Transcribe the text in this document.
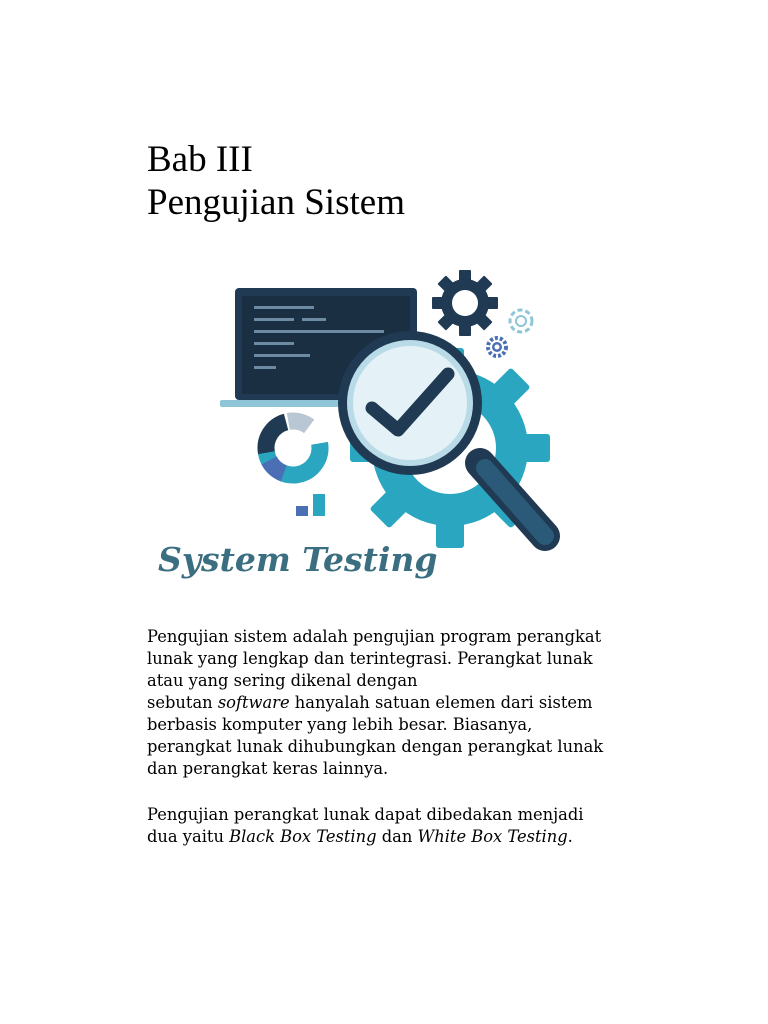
Bab III
Pengujian Sistem
System Testing

Pengujian sistem adalah pengujian program perangkat
lunak yang lengkap dan terintegrasi. Perangkat lunak
atau yang sering dikenal dengan
sebutan software hanyalah satuan elemen dari sistem
berbasis komputer yang lebih besar. Biasanya,
perangkat lunak dihubungkan dengan perangkat lunak
dan perangkat keras lainnya.

Pengujian perangkat lunak dapat dibedakan menjadi
dua yaitu Black Box Testing dan White Box Testing.
